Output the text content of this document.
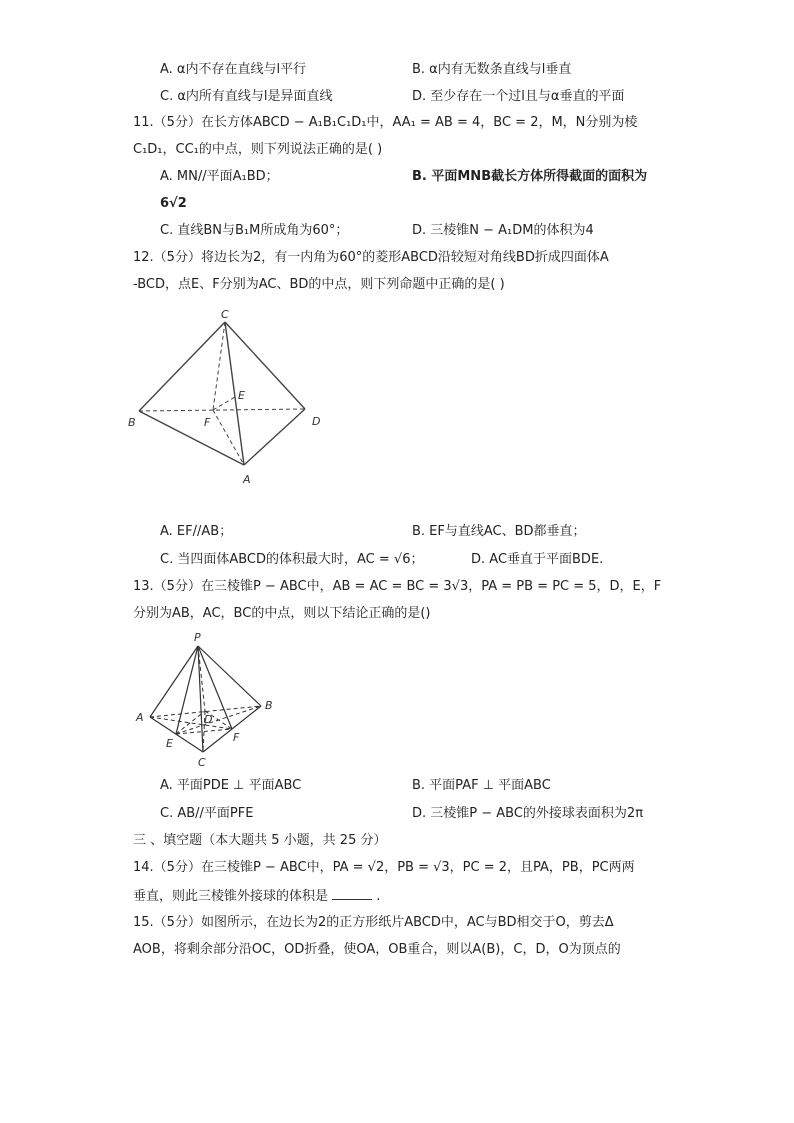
A. α内不存在直线与l平行	B. α内有无数条直线与l垂直
C. α内所有直线与l是异面直线	D. 至少存在一个过l且与α垂直的平面
11.（5分）在长方体ABCD − A₁B₁C₁D₁中，AA₁ = AB = 4，BC = 2，M，N分别为棱
C₁D₁，CC₁的中点，则下列说法正确的是( )
A. MN//平面A₁BD；	B. 平面MNB截长方体所得截面的面积为
6√2
C. 直线BN与B₁M所成角为60°；	D. 三棱锥N − A₁DM的体积为4
12.（5分）将边长为2，有一内角为60°的菱形ABCD沿较短对角线BD折成四面体A
-BCD，点E、F分别为AC、BD的中点，则下列命题中正确的是( )
C
B	D
A
E
F
A. EF//AB；	B. EF与直线AC、BD都垂直；
C. 当四面体ABCD的体积最大时，AC = √6；	D. AC垂直于平面BDE.
13.（5分）在三棱锥P − ABC中，AB = AC = BC = 3√3，PA = PB = PC = 5，D，E，F
分别为AB，AC，BC的中点，则以下结论正确的是()
P
A
B
C
D
E	F
A. 平面PDE ⊥ 平面ABC	B. 平面PAF ⊥ 平面ABC
C. AB//平面PFE	D. 三棱锥P − ABC的外接球表面积为2π
三 、填空题（本大题共 5 小题，共 25 分）
14.（5分）在三棱锥P − ABC中，PA = √2，PB = √3，PC = 2，且PA，PB，PC两两
垂直，则此三棱锥外接球的体积是	.
15.（5分）如图所示，在边长为2的正方形纸片ABCD中，AC与BD相交于O，剪去Δ
AOB，将剩余部分沿OC，OD折叠，使OA，OB重合，则以A(B)，C，D，O为顶点的
